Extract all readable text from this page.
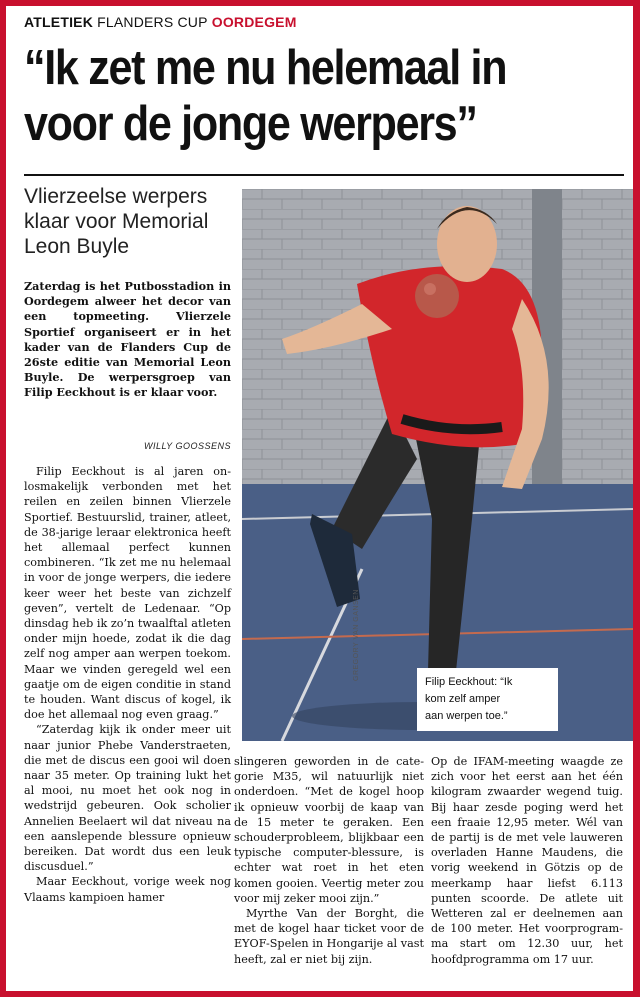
ATLETIEK FLANDERS CUP OORDEGEM
“Ik zet me nu helemaal in
voor de jonge werpers”
Vlierzeelse werpers klaar voor Memorial Leon Buyle
Zaterdag is het Putbosstadion in Oordegem alweer het decor van een topmeeting. Vlierzele Sportief organiseert er in het kader van de Flanders Cup de 26ste editie van Memorial Leon Buyle. De werpersgroep van Filip Eeckhout is er klaar voor.
WILLY GOOSSENS
GREGORY VAN GANSEN
Filip Eeckhout: “Ik
kom zelf amper
aan werpen toe.”

Filip Eeckhout is al jaren onlosmakelijk verbonden met het reilen en zeilen binnen Vlierzele Sportief. Bestuurslid, trainer, atleet, de 38-jarige leraar elektronica heeft het allemaal perfect kunnen combineren. “Ik zet me nu helemaal in voor de jonge werpers, die iedere keer weer het beste van zichzelf geven”, vertelt de Ledenaar. “Op dinsdag heb ik zo’n twaalftal atleten onder mijn hoede, zodat ik die dag zelf nog amper aan werpen toekom. Maar we vinden geregeld wel een gaatje om de eigen conditie in stand te houden. Want discus of kogel, ik doe het allemaal nog even graag.”

“Zaterdag kijk ik onder meer uit naar junior Phebe Vanderstraeten, die met de discus een gooi wil doen naar 35 meter. Op training lukt het al mooi, nu moet het ook nog in wedstrijd gebeuren. Ook scholier Annelien Beelaert wil dat niveau na een aanslepende blessure opnieuw bereiken. Dat wordt dus een leuk discusduel.”

Maar Eeckhout, vorige week nog Vlaams kampioen hamer

slingeren geworden in de categorie M35, wil natuurlijk niet onderdoen. “Met de kogel hoop ik opnieuw voorbij de kaap van de 15 meter te geraken. Een schouderprobleem, blijkbaar een typische computer-blessure, is echter wat roet in het eten komen gooien. Veertig meter zou voor mij zeker mooi zijn.”

Myrthe Van der Borght, die met de kogel haar ticket voor de EYOF-Spelen in Hongarije al vast heeft, zal er niet bij zijn.

Op de IFAM-meeting waagde ze zich voor het eerst aan het één kilogram zwaarder wegend tuig. Bij haar zesde poging werd het een fraaie 12,95 meter. Wél van de partij is de met vele lauweren overladen Hanne Maudens, die vorig weekend in Götzis op de meerkamp haar liefst 6.113 punten scoorde. De atlete uit Wetteren zal er deelnemen aan de 100 meter. Het voorprogramma start om 12.30 uur, het hoofdprogramma om 17 uur.
